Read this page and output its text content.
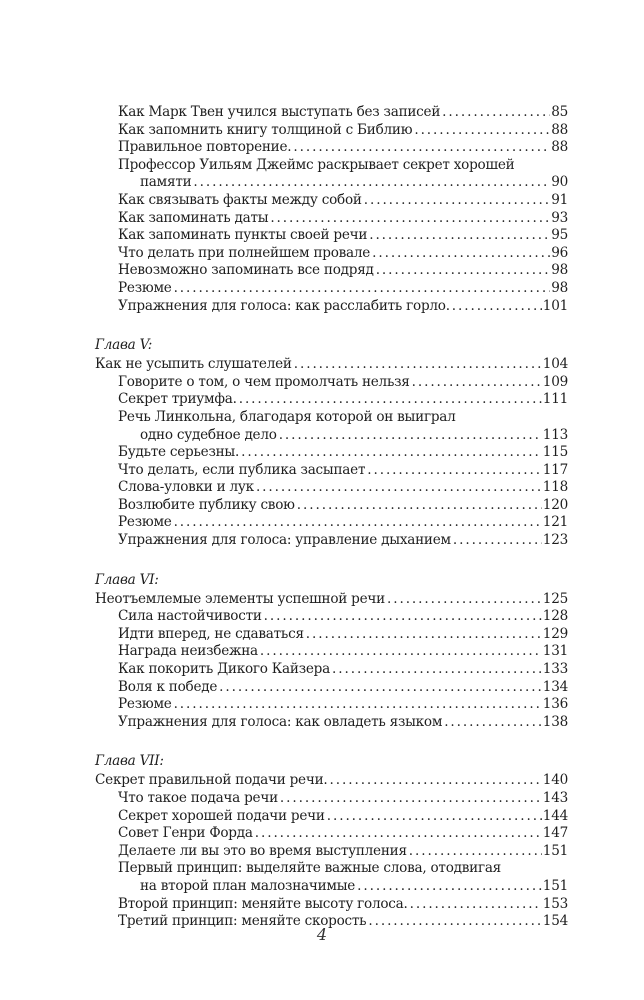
Как Марк Твен учился выступать без записей . . .	85
Как запомнить книгу толщиной с Библию . . .	88
Правильное повторение. . . .	88
Профессор Уильям Джеймс раскрывает секрет хорошей
памяти . . .	90
Как связывать факты между собой . . .	91
Как запоминать даты . . .	93
Как запоминать пункты своей речи . . .	95
Что делать при полнейшем провале . . .	96
Невозможно запоминать все подряд . . .	98
Резюме . . .	98
Упражнения для голоса: как расслабить горло. . . .	101
Глава V:
Как не усыпить слушателей . . .	104
Говорите о том, о чем промолчать нельзя . . .	109
Секрет триумфа. . . .	111
Речь Линкольна, благодаря которой он выиграл
одно судебное дело . . .	113
Будьте серьезны. . . .	115
Что делать, если публика засыпает . . .	117
Слова-уловки и лук . . .	118
Возлюбите публику свою . . .	120
Резюме . . .	121
Упражнения для голоса: управление дыханием . . .	123
Глава VI:
Неотъемлемые элементы успешной речи . . .	125
Сила настойчивости . . .	128
Идти вперед, не сдаваться . . .	129
Награда неизбежна . . .	131
Как покорить Дикого Кайзера . . .	133
Воля к победе . . .	134
Резюме . . .	136
Упражнения для голоса: как овладеть языком . . .	138
Глава VII:
Секрет правильной подачи речи. . . .	140
Что такое подача речи . . .	143
Секрет хорошей подачи речи . . .	144
Совет Генри Форда . . .	147
Делаете ли вы это во время выступления . . .	151
Первый принцип: выделяйте важные слова, отодвигая
на второй план малозначимые . . .	151
Второй принцип: меняйте высоту голоса. . . .	153
Третий принцип: меняйте скорость . . .	154
4
